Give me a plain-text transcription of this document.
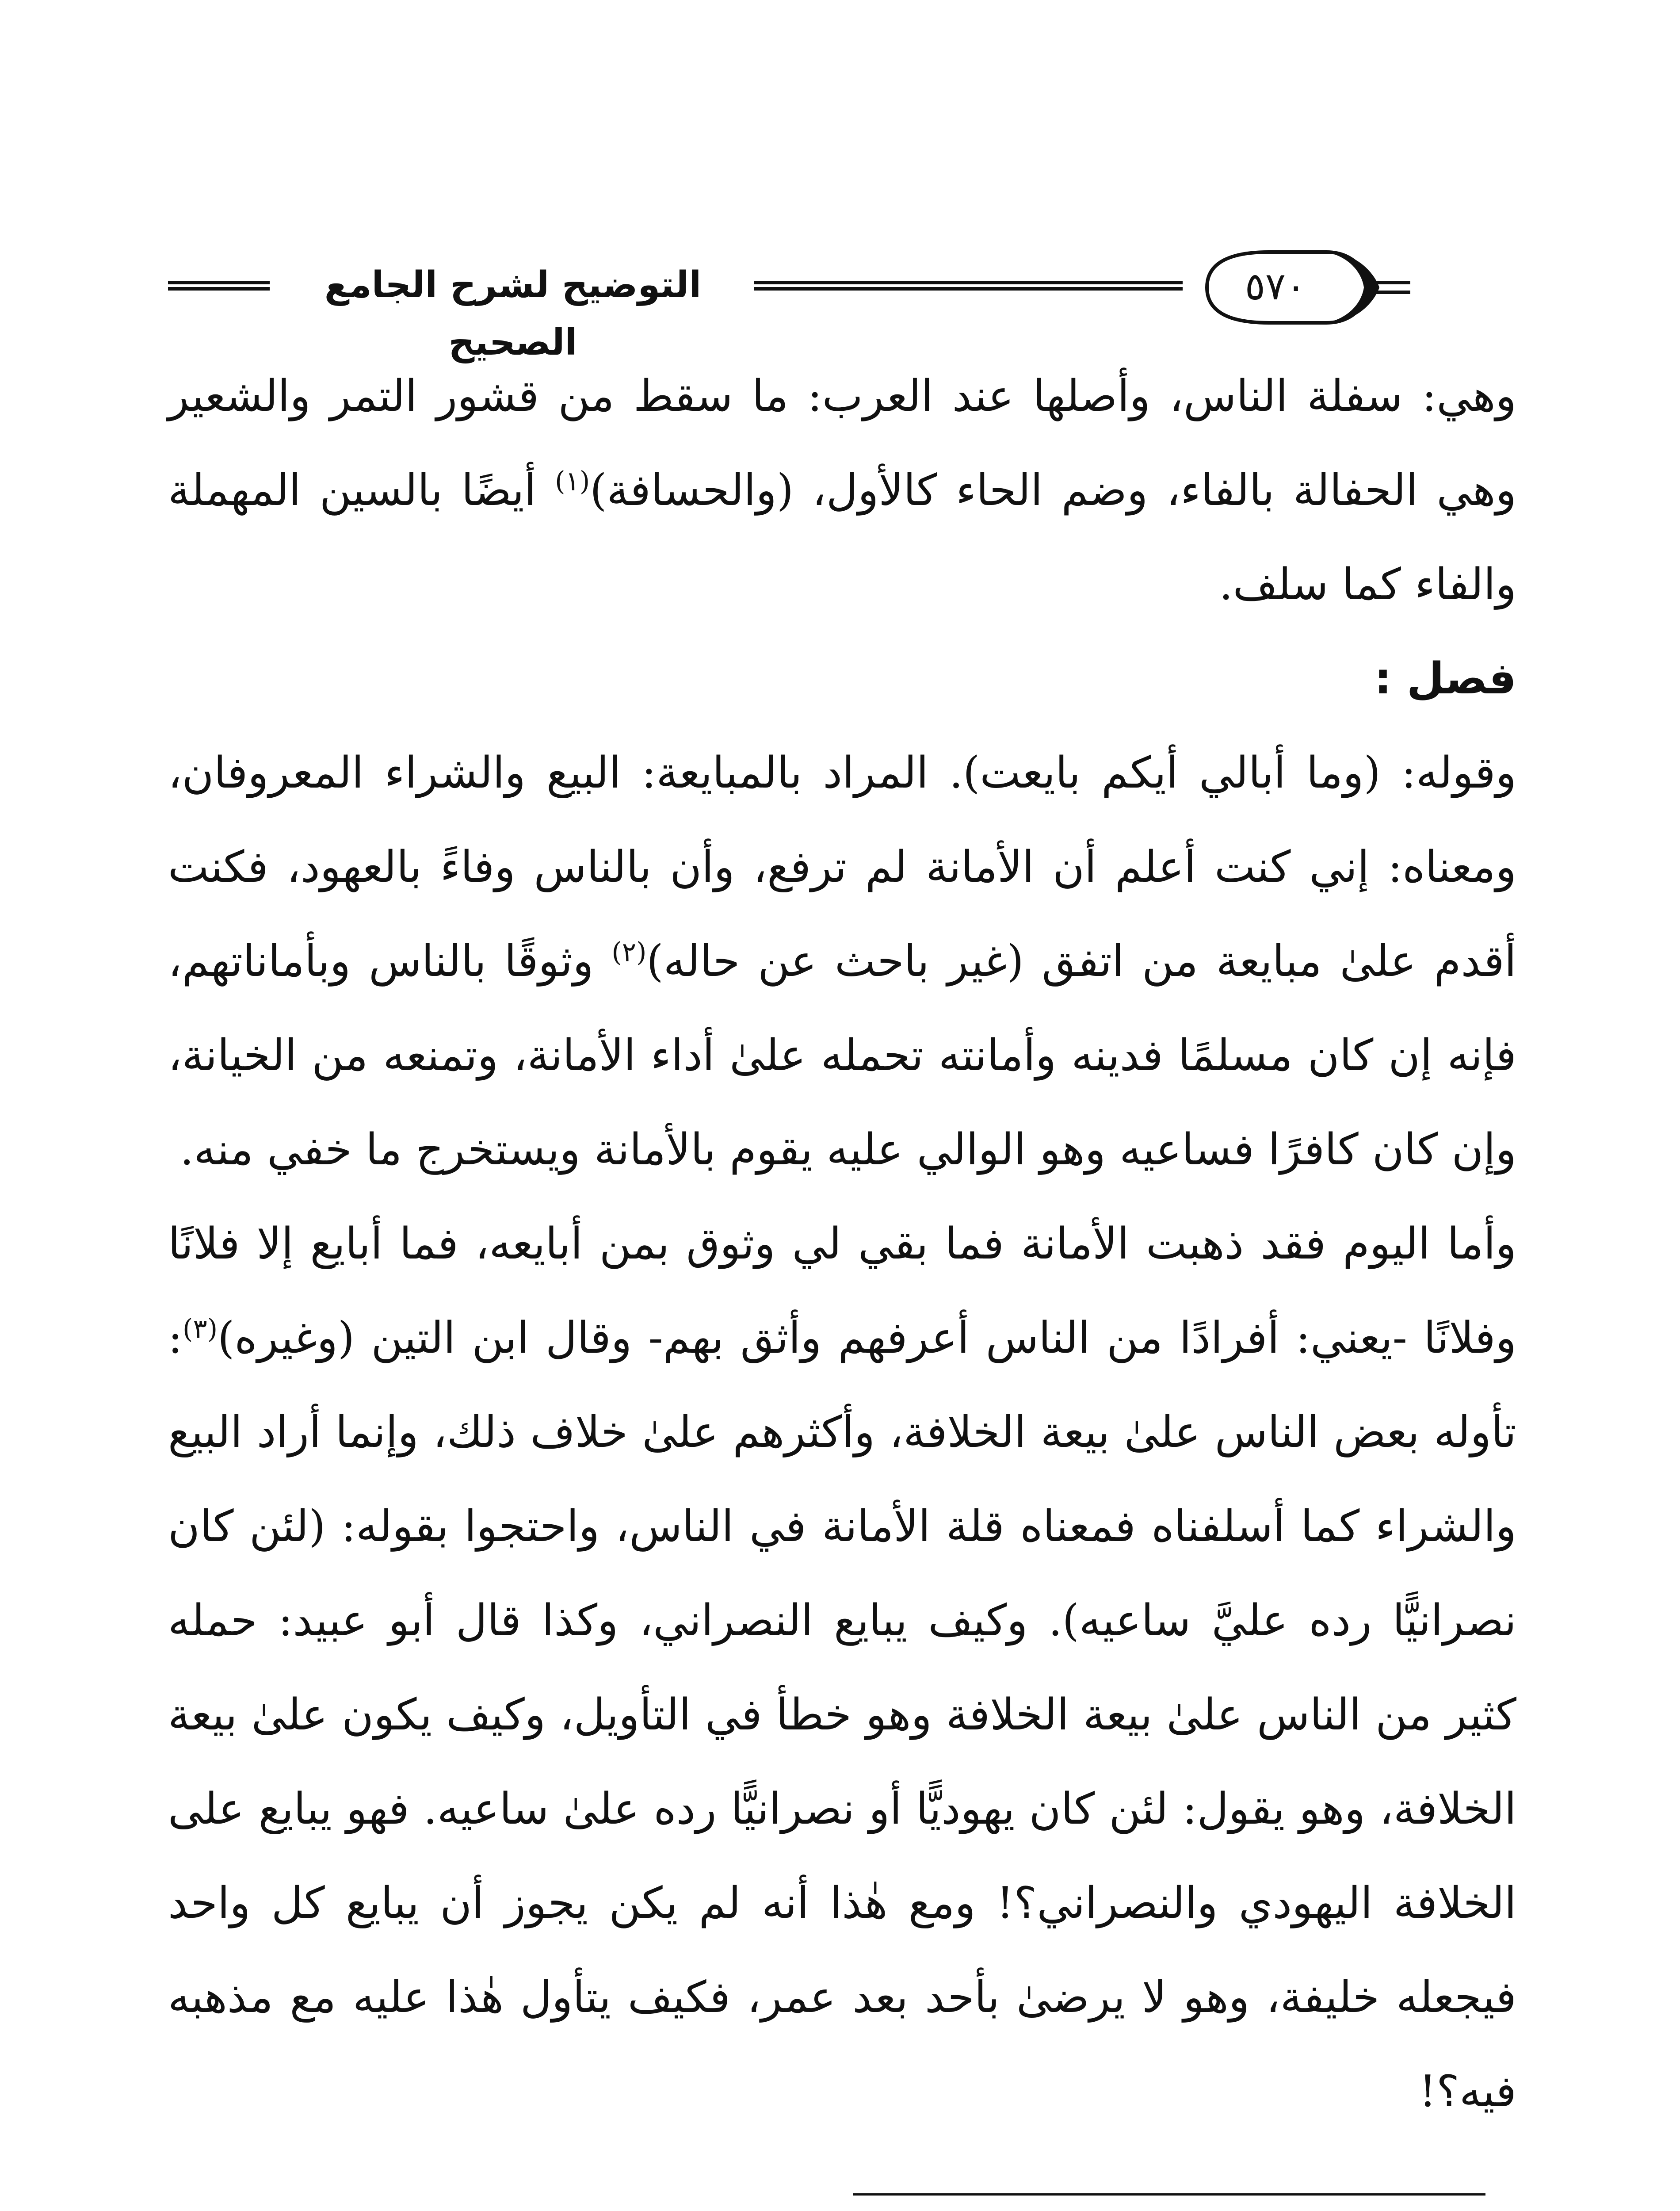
التوضيح لشرح الجامع الصحيح
٥٧٠

وهي: سفلة الناس، وأصلها عند العرب: ما سقط من قشور التمر والشعير وهي الحفالة بالفاء، وضم الحاء كالأول، (والحسافة)$^{(١)}$ أيضًا بالسين المهملة والفاء كما سلف.

فصل :

وقوله: (وما أبالي أيكم بايعت). المراد بالمبايعة: البيع والشراء المعروفان، ومعناه: إني كنت أعلم أن الأمانة لم ترفع، وأن بالناس وفاءً بالعهود، فكنت أقدم علىٰ مبايعة من اتفق (غير باحث عن حاله)$^{(٢)}$ وثوقًا بالناس وبأماناتهم، فإنه إن كان مسلمًا فدينه وأمانته تحمله علىٰ أداء الأمانة، وتمنعه من الخيانة، وإن كان كافرًا فساعيه وهو الوالي عليه يقوم بالأمانة ويستخرج ما خفي منه.

وأما اليوم فقد ذهبت الأمانة فما بقي لي وثوق بمن أبايعه، فما أبايع إلا فلانًا وفلانًا -يعني: أفرادًا من الناس أعرفهم وأثق بهم- وقال ابن التين (وغيره)$^{(٣)}$: تأوله بعض الناس علىٰ بيعة الخلافة، وأكثرهم علىٰ خلاف ذلك، وإنما أراد البيع والشراء كما أسلفناه فمعناه قلة الأمانة في الناس، واحتجوا بقوله: (لئن كان نصرانيًّا رده عليَّ ساعيه). وكيف يبايع النصراني، وكذا قال أبو عبيد: حمله كثير من الناس علىٰ بيعة الخلافة وهو خطأ في التأويل، وكيف يكون علىٰ بيعة الخلافة، وهو يقول: لئن كان يهوديًّا أو نصرانيًّا رده علىٰ ساعيه. فهو يبايع على الخلافة اليهودي والنصراني؟! ومع هٰذا أنه لم يكن يجوز أن يبايع كل واحد فيجعله خليفة، وهو لا يرضىٰ بأحد بعد عمر، فكيف يتأول هٰذا عليه مع مذهبه فيه؟!
